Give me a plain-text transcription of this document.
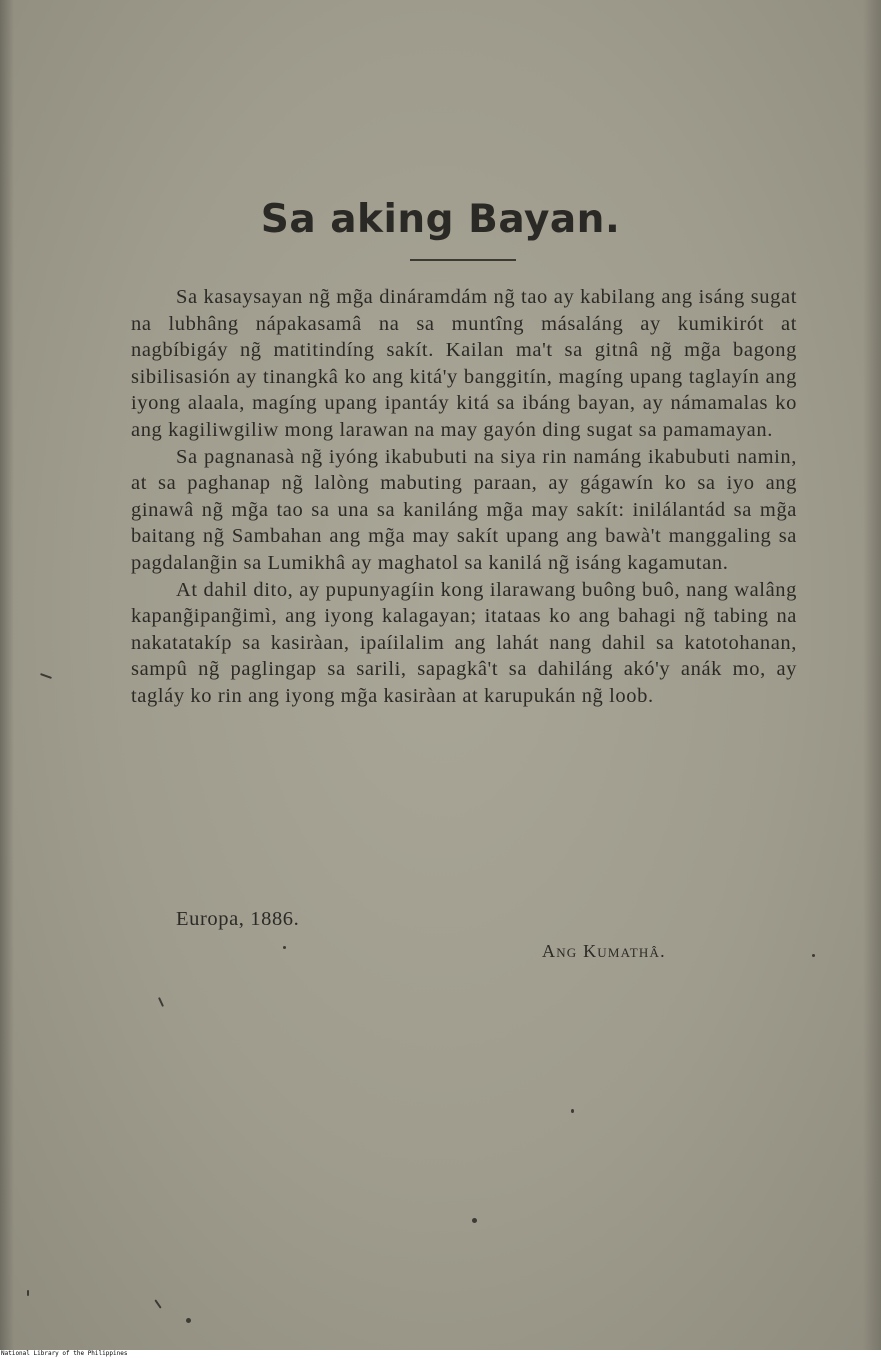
Sa aking Bayan.

Sa kasaysayan ng̃ mg̃a dináramdám ng̃ tao ay kabilang ang isáng sugat na lubhâng nápakasamâ na sa muntîng másaláng ay kumikirót at nagbíbigáy ng̃ matitindíng sakít. Kailan ma't sa gitnâ ng̃ mg̃a bagong sibilisasión ay tinangkâ ko ang kitá'y banggitín, magíng upang taglayín ang iyong alaala, magíng upang ipantáy kitá sa ibáng bayan, ay námamalas ko ang kagiliwgiliw mong larawan na may gayón ding sugat sa pamamayan.

Sa pagnanasà ng̃ iyóng ikabubuti na siya rin namáng ikabubuti namin, at sa paghanap ng̃ lalòng mabuting paraan, ay gágawín ko sa iyo ang ginawâ ng̃ mg̃a tao sa una sa kaniláng mg̃a may sakít: inilálantád sa mg̃a baitang ng̃ Sambahan ang mg̃a may sakít upang ang bawà't manggaling sa pagdalang̃in sa Lumikhâ ay maghatol sa kanilá ng̃ isáng kagamutan.

At dahil dito, ay pupunyagíin kong ilarawang buông buô, nang walâng kapang̃ipang̃imì, ang iyong kalagayan; itataas ko ang bahagi ng̃ tabing na nakatatakíp sa kasiràan, ipaíilalim ang lahát nang dahil sa katotohanan, sampû ng̃ paglingap sa sarili, sapagkâ't sa dahiláng akó'y anák mo, ay tagláy ko rin ang iyong mg̃a kasiràan at karupukán ng̃ loob.

Europa, 1886.
Ang Kumathâ.
National Library of the Philippines
